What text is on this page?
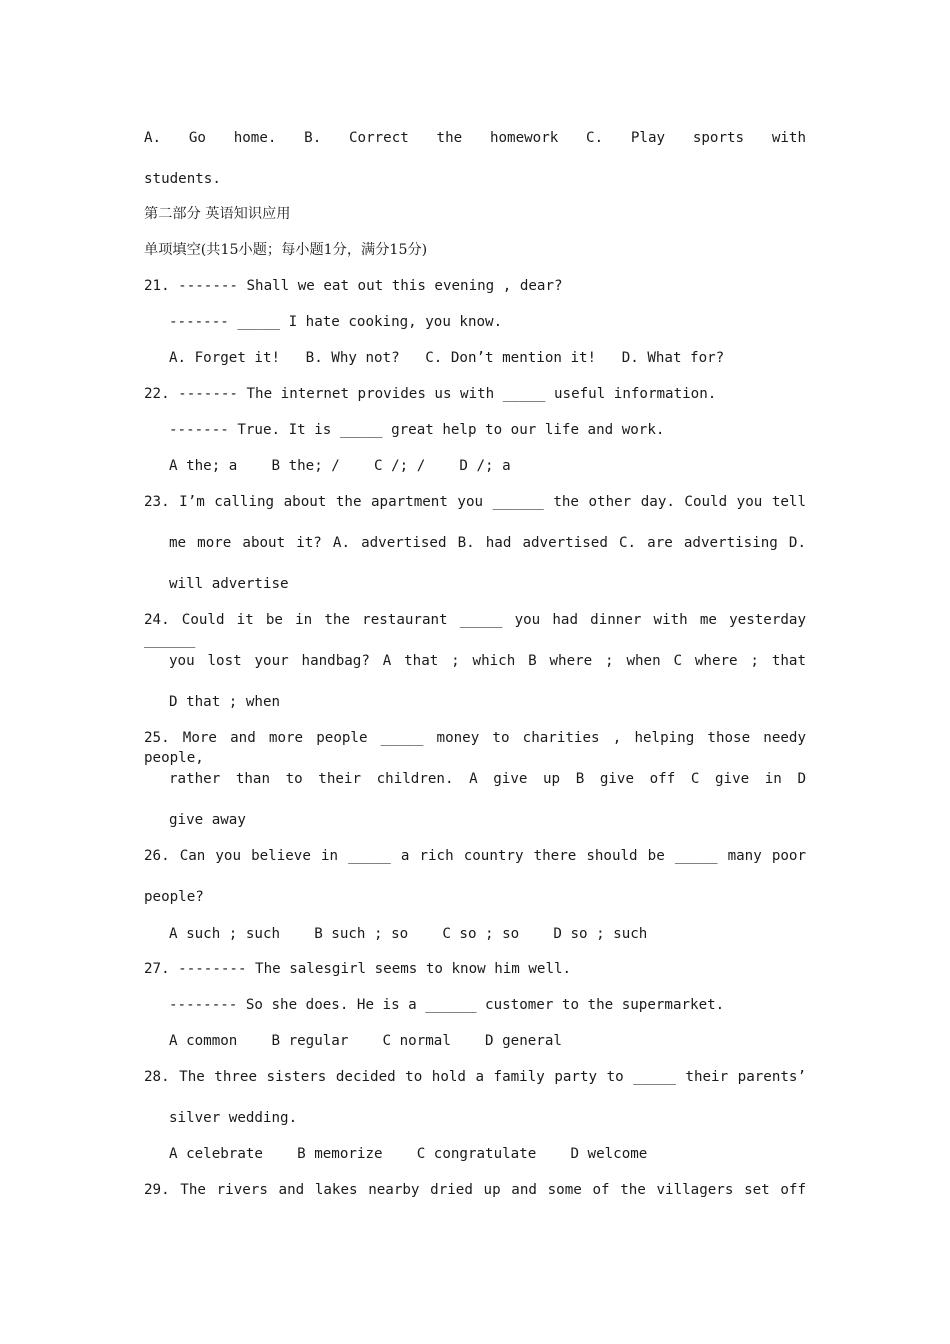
A. Go home. B. Correct the homework C. Play sports with
students.
第二部分 英语知识应用
单项填空(共15小题；每小题1分，满分15分)
21. ------- Shall we eat out this evening , dear?
------- _____ I hate cooking, you know.
A. Forget it!   B. Why not?   C. Don’t mention it!   D. What for?
22. ------- The internet provides us with _____ useful information.
------- True. It is _____ great help to our life and work.
A the; a    B the; /    C /; /    D /; a
23. I’m calling about the apartment you ______ the other day. Could you tell
me more about it? A. advertised B. had advertised C. are advertising D.
will advertise
24. Could it be in the restaurant _____ you had dinner with me yesterday ______
you lost your handbag? A that ; which B where ; when C where ; that
D that ; when
25. More and more people _____ money to charities , helping those needy people,
rather than to their children. A give up B give off C give in D
give away
26. Can you believe in _____ a rich country there should be _____ many poor
people?
A such ; such    B such ; so    C so ; so    D so ; such
27. -------- The salesgirl seems to know him well.
-------- So she does. He is a ______ customer to the supermarket.
A common    B regular    C normal    D general
28. The three sisters decided to hold a family party to _____ their parents’
silver wedding.
A celebrate    B memorize    C congratulate    D welcome
29. The rivers and lakes nearby dried up and some of the villagers set off
